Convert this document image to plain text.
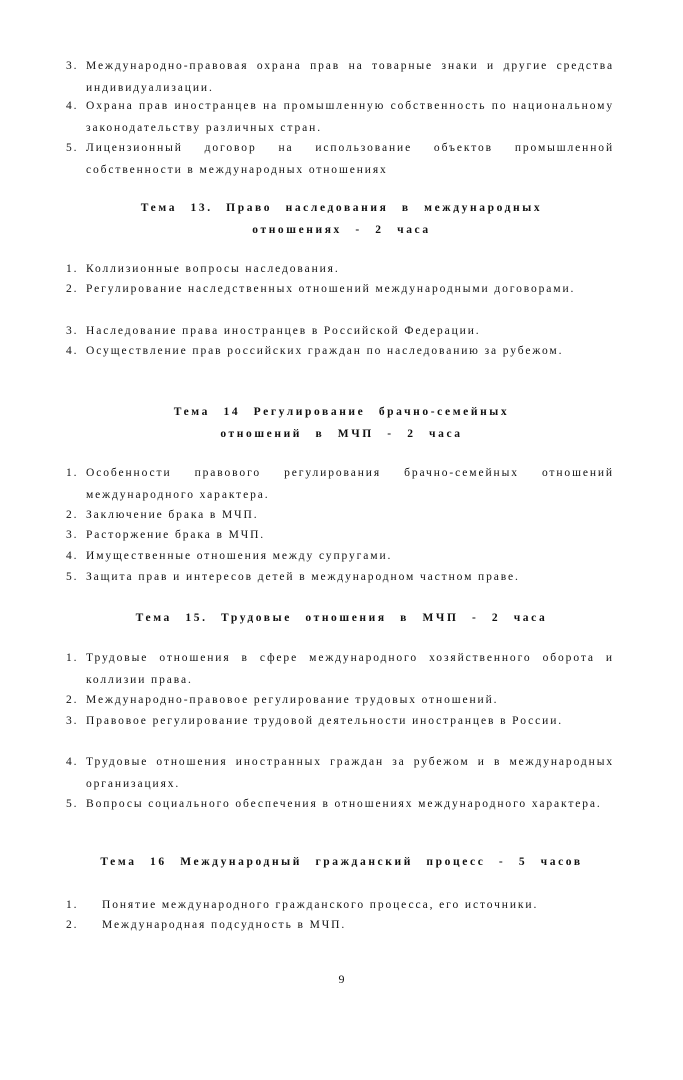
3. Международно-правовая охрана прав на товарные знаки и другие средства индивидуализации.
4. Охрана прав иностранцев на промышленную собственность по национальному законодательству различных стран.
5. Лицензионный договор на использование объектов промышленной собственности в международных отношениях
Тема 13. Право наследования в международных
отношениях - 2 часа
1. Коллизионные вопросы наследования.
2. Регулирование наследственных отношений международными договорами.
3. Наследование права иностранцев в Российской Федерации.
4. Осуществление прав российских граждан по наследованию за рубежом.
Тема 14 Регулирование брачно-семейных
отношений в МЧП - 2 часа
1. Особенности правового регулирования брачно-семейных отношений международного характера.
2. Заключение брака в МЧП.
3. Расторжение брака в МЧП.
4. Имущественные отношения между супругами.
5. Защита прав и интересов детей в международном частном праве.
Тема 15. Трудовые отношения в МЧП - 2 часа
1. Трудовые отношения в сфере международного хозяйственного оборота и коллизии права.
2. Международно-правовое регулирование трудовых отношений.
3. Правовое регулирование трудовой деятельности иностранцев в России.
4. Трудовые отношения иностранных граждан за рубежом и в международных организациях.
5. Вопросы социального обеспечения в отношениях международного характера.
Тема 16 Международный гражданский процесс - 5 часов
1.	Понятие международного гражданского процесса, его источники.
2.	Международная подсудность в МЧП.
9
